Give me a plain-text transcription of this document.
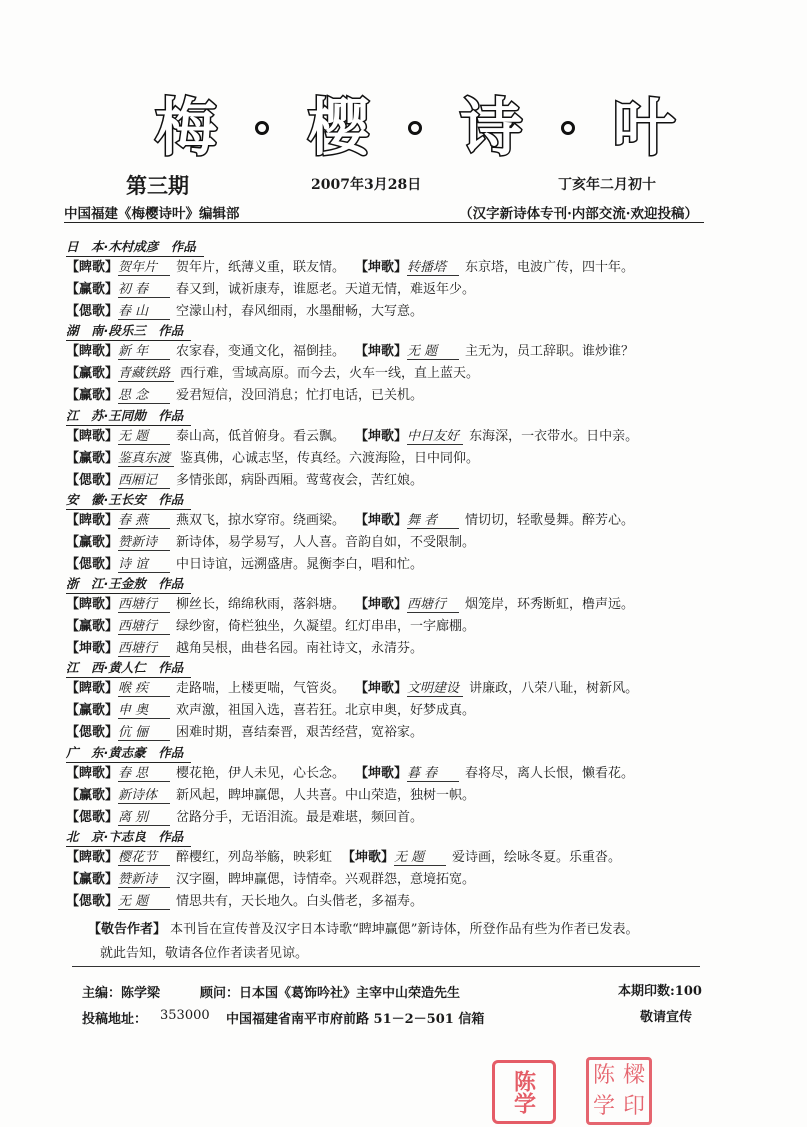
梅 樱 诗 叶
第三期	2007年3月28日	丁亥年二月初十
中国福建《梅樱诗叶》编辑部	（汉字新诗体专刊·内部交流·欢迎投稿）
日　本·木村成彦　作品
【睥歌】贺年片 贺年片，纸薄义重，联友情。 【坤歌】转播塔 东京塔，电波广传，四十年。
【赢歌】初 春 春又到，诚祈康寿，谁愿老。天道无情，难返年少。
【偲歌】春 山 空濛山村，春风细雨，水墨酣畅，大写意。
湖　南·段乐三　作品
【睥歌】新 年 农家春，变通文化，福倒挂。 【坤歌】无 题 主无为，员工辞职。谁炒谁？
【赢歌】青藏铁路 西行难，雪域高原。而今去，火车一线，直上蓝天。
【赢歌】思 念 爱君短信，没回消息；忙打电话，已关机。
江　苏·王同勋　作品
【睥歌】无 题 泰山高，低首俯身。看云飘。 【坤歌】中日友好 东海深，一衣带水。日中亲。
【赢歌】鉴真东渡 鉴真佛，心诚志坚，传真经。六渡海险，日中同仰。
【偲歌】西厢记 多情张郎，病卧西厢。莺莺夜会，苦红娘。
安　徽·王长安　作品
【睥歌】春 燕 燕双飞，掠水穿帘。绕画梁。 【坤歌】舞 者 情切切，轻歌曼舞。醉芳心。
【赢歌】赞新诗 新诗体，易学易写，人人喜。音韵自如，不受限制。
【偲歌】诗 谊 中日诗谊，远溯盛唐。晁衡李白，唱和忙。
浙　江·王金敖　作品
【睥歌】西塘行 柳丝长，绵绵秋雨，落斜塘。 【坤歌】西塘行 烟笼岸，环秀断虹，橹声远。
【赢歌】西塘行 绿纱窗，倚栏独坐，久凝望。红灯串串，一字廊棚。
【坤歌】西塘行 越角吴根，曲巷名园。南社诗文，永清芬。
江　西·黄人仁　作品
【睥歌】喉 疾 走路喘，上楼更喘，气管炎。 【坤歌】文明建设 讲廉政，八荣八耻，树新风。
【赢歌】申 奥 欢声激，祖国入选，喜若狂。北京申奥，好梦成真。
【偲歌】伉 俪 困难时期，喜结秦晋，艰苦经营，宽裕家。
广　东·黄志豪　作品
【睥歌】春 思 樱花艳，伊人未见，心长念。 【坤歌】暮 春 春将尽，离人长恨，懒看花。
【赢歌】新诗体 新风起，睥坤赢偲，人共喜。中山荣造，独树一帜。
【偲歌】离 别 岔路分手，无语泪流。最是难堪，频回首。
北　京·卞志良　作品
【睥歌】樱花节 醉樱红，列岛举觞，映彩虹 【坤歌】无 题 爱诗画，绘咏冬夏。乐重沓。
【赢歌】赞新诗 汉字圈，睥坤赢偲，诗情牵。兴观群怨，意境拓宽。
【偲歌】无 题 情思共有，天长地久。白头偕老，多福寿。
【敬告作者】 本刊旨在宣传普及汉字日本诗歌“睥坤赢偲”新诗体，所登作品有些为作者已发表。
就此告知，敬请各位作者读者见谅。
主编：陈学梁
投稿地址： 353000
顾问：日本国《葛饰吟社》主宰中山荣造先生
中国福建省南平市府前路 51－2－501 信箱
本期印数:100
敬请宣传
陈学	陈 樑
学 印
